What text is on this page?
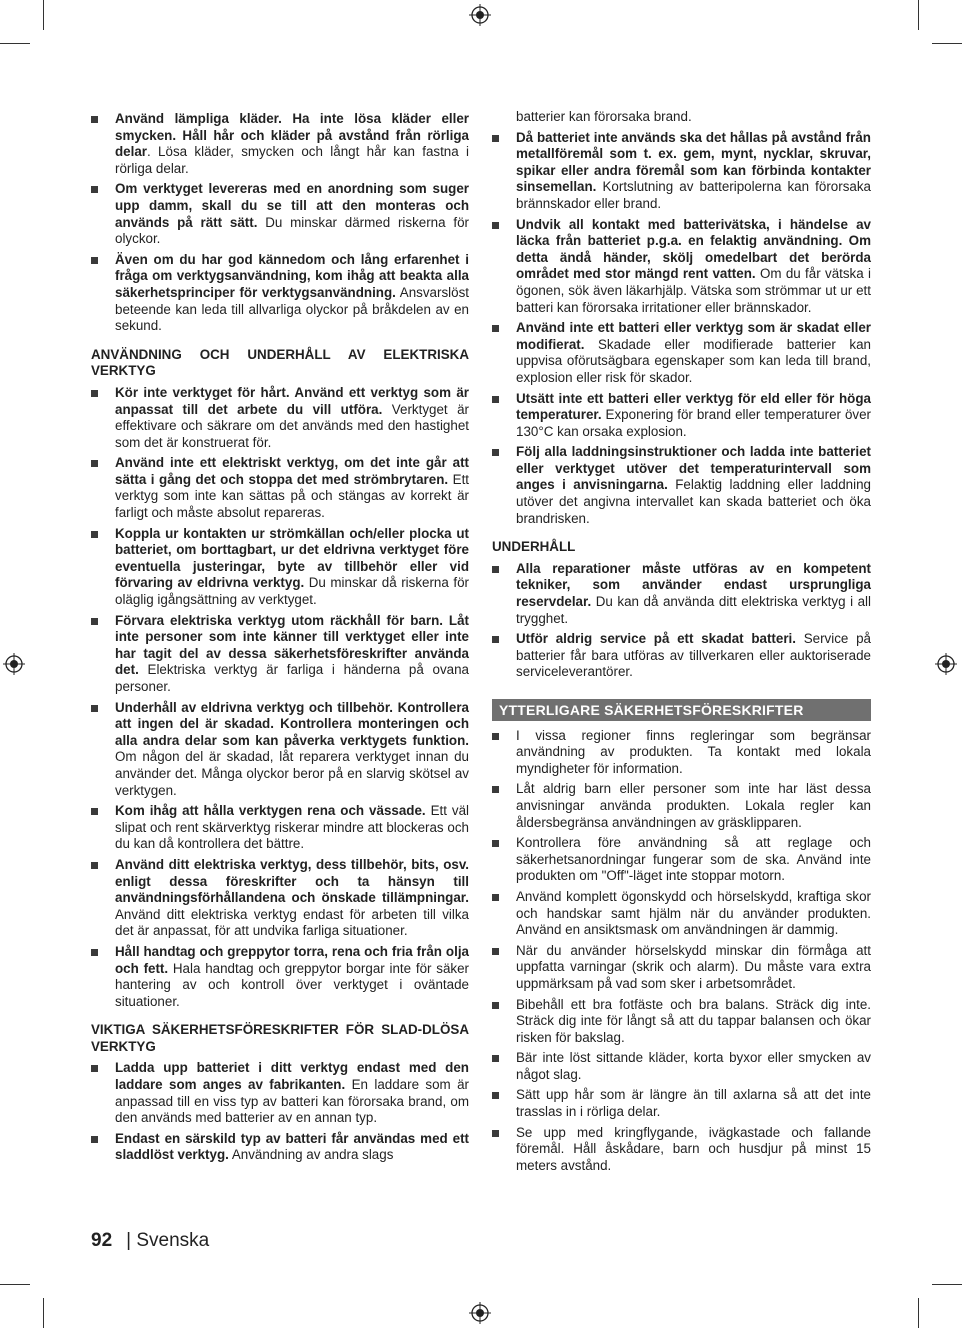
Använd lämpliga kläder. Ha inte lösa kläder eller smycken. Håll hår och kläder på avstånd från rörliga delar. Lösa kläder, smycken och långt hår kan fastna i rörliga delar.
Om verktyget levereras med en anordning som suger upp damm, skall du se till att den monteras och används på rätt sätt. Du minskar därmed riskerna för olyckor.
Även om du har god kännedom och lång erfarenhet i fråga om verktygsanvändning, kom ihåg att beakta alla säkerhetsprinciper för verktygsanvändning. Ansvarslöst beteende kan leda till allvarliga olyckor på bråkdelen av en sekund.
ANVÄNDNING OCH UNDERHÅLL AV ELEKTRISKA VERKTYG
Kör inte verktyget för hårt. Använd ett verktyg som är anpassat till det arbete du vill utföra. Verktyget är effektivare och säkrare om det används med den hastighet som det är konstruerat för.
Använd inte ett elektriskt verktyg, om det inte går att sätta i gång det och stoppa det med strömbrytaren. Ett verktyg som inte kan sättas på och stängas av korrekt är farligt och måste absolut repareras.
Koppla ur kontakten ur strömkällan och/eller plocka ut batteriet, om borttagbart, ur det eldrivna verktyget före eventuella justeringar, byte av tillbehör eller vid förvaring av eldrivna verktyg. Du minskar då riskerna för oläglig igångsättning av verktyget.
Förvara elektriska verktyg utom räckhåll för barn. Låt inte personer som inte känner till verktyget eller inte har tagit del av dessa säkerhetsföreskrifter använda det. Elektriska verktyg är farliga i händerna på ovana personer.
Underhåll av eldrivna verktyg och tillbehör. Kontrollera att ingen del är skadad. Kontrollera monteringen och alla andra delar som kan påverka verktygets funktion. Om någon del är skadad, låt reparera verktyget innan du använder det. Många olyckor beror på en slarvig skötsel av verktygen.
Kom ihåg att hålla verktygen rena och vässade. Ett väl slipat och rent skärverktyg riskerar mindre att blockeras och du kan då kontrollera det bättre.
Använd ditt elektriska verktyg, dess tillbehör, bits, osv. enligt dessa föreskrifter och ta hänsyn till användningsförhållandena och önskade tillämpningar. Använd ditt elektriska verktyg endast för arbeten till vilka det är anpassat, för att undvika farliga situationer.
Håll handtag och greppytor torra, rena och fria från olja och fett. Hala handtag och greppytor borgar inte för säker hantering av och kontroll över verktyget i oväntade situationer.
VIKTIGA SÄKERHETSFÖRESKRIFTER FÖR SLAD-DLÖSA VERKTYG
Ladda upp batteriet i ditt verktyg endast med den laddare som anges av fabrikanten. En laddare som är anpassad till en viss typ av batteri kan förorsaka brand, om den används med batterier av en annan typ.
Endast en särskild typ av batteri får användas med ett sladdlöst verktyg. Användning av andra slags
batterier kan förorsaka brand.
Då batteriet inte används ska det hållas på avstånd från metallföremål som t. ex. gem, mynt, nycklar, skruvar, spikar eller andra föremål som kan förbinda kontakter sinsemellan. Kortslutning av batteripolerna kan förorsaka brännskador eller brand.
Undvik all kontakt med batterivätska, i händelse av läcka från batteriet p.g.a. en felaktig användning. Om detta ändå händer, skölj omedelbart det berörda området med stor mängd rent vatten. Om du får vätska i ögonen, sök även läkarhjälp. Vätska som strömmar ut ur ett batteri kan förorsaka irritationer eller brännskador.
Använd inte ett batteri eller verktyg som är skadat eller modifierat. Skadade eller modifierade batterier kan uppvisa oförutsägbara egenskaper som kan leda till brand, explosion eller risk för skador.
Utsätt inte ett batteri eller verktyg för eld eller för höga temperaturer. Exponering för brand eller temperaturer över 130°C kan orsaka explosion.
Följ alla laddningsinstruktioner och ladda inte batteriet eller verktyget utöver det temperaturintervall som anges i anvisningarna. Felaktig laddning eller laddning utöver det angivna intervallet kan skada batteriet och öka brandrisken.
UNDERHÅLL
Alla reparationer måste utföras av en kompetent tekniker, som använder endast ursprungliga reservdelar. Du kan då använda ditt elektriska verktyg i all trygghet.
Utför aldrig service på ett skadat batteri. Service på batterier får bara utföras av tillverkaren eller auktoriserade serviceleverantörer.
YTTERLIGARE SÄKERHETSFÖRESKRIFTER
I vissa regioner finns regleringar som begränsar användning av produkten. Ta kontakt med lokala myndigheter för information.
Låt aldrig barn eller personer som inte har läst dessa anvisningar använda produkten. Lokala regler kan åldersbegränsa användningen av gräsklipparen.
Kontrollera före användning så att reglage och säkerhetsanordningar fungerar som de ska. Använd inte produkten om "Off"-läget inte stoppar motorn.
Använd komplett ögonskydd och hörselskydd, kraftiga skor och handskar samt hjälm när du använder produkten. Använd en ansiktsmask om användningen är dammig.
När du använder hörselskydd minskar din förmåga att uppfatta varningar (skrik och alarm). Du måste vara extra uppmärksam på vad som sker i arbetsområdet.
Bibehåll ett bra fotfäste och bra balans. Sträck dig inte. Sträck dig inte för långt så att du tappar balansen och ökar risken för bakslag.
Bär inte löst sittande kläder, korta byxor eller smycken av något slag.
Sätt upp hår som är längre än till axlarna så att det inte trasslas in i rörliga delar.
Se upp med kringflygande, ivägkastade och fallande föremål. Håll åskådare, barn och husdjur på minst 15 meters avstånd.
92 | Svenska
